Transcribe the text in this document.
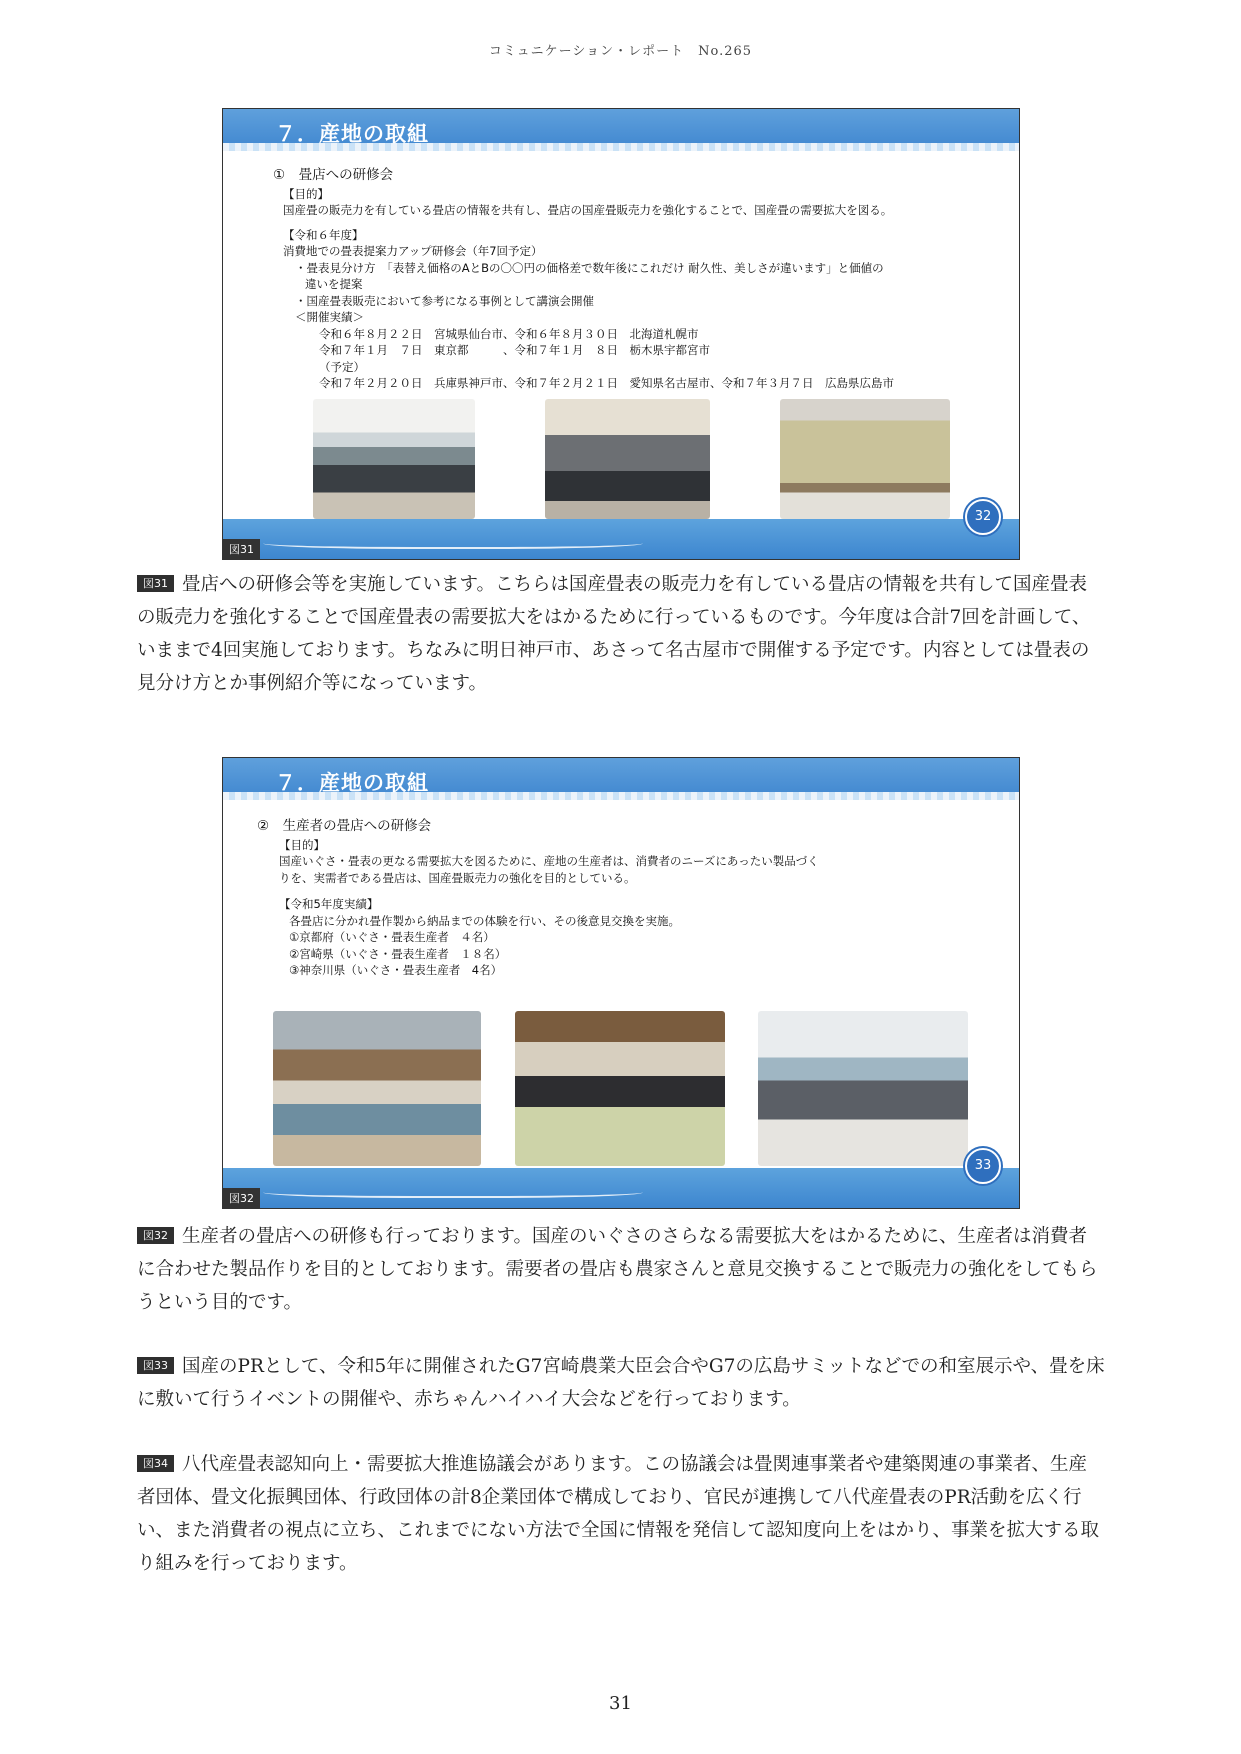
コミュニケーション・レポート　No.265
７．産地の取組
①　畳店への研修会
【目的】
国産畳の販売力を有している畳店の情報を共有し、畳店の国産畳販売力を強化することで、国産畳の需要拡大を図る。
【令和６年度】
消費地での畳表提案力アップ研修会（年7回予定）
・畳表見分け方　「表替え価格のAとBの〇〇円の価格差で数年後にこれだけ 耐久性、美しさが違います」と価値の
違いを提案
・国産畳表販売において参考になる事例として講演会開催
＜開催実績＞
令和６年８月２２日　宮城県仙台市、令和６年８月３０日　北海道札幌市
令和７年１月　７日　東京都　　　、令和７年１月　８日　栃木県宇都宮市
（予定）
令和７年２月２０日　兵庫県神戸市、令和７年２月２１日　愛知県名古屋市、令和７年３月７日　広島県広島市
32
図31
図31 畳店への研修会等を実施しています。こちらは国産畳表の販売力を有している畳店の情報を共有して国産畳表の販売力を強化することで国産畳表の需要拡大をはかるために行っているものです。今年度は合計7回を計画して、いままで4回実施しております。ちなみに明日神戸市、あさって名古屋市で開催する予定です。内容としては畳表の見分け方とか事例紹介等になっています。
７．産地の取組
②　生産者の畳店への研修会
【目的】
国産いぐさ・畳表の更なる需要拡大を図るために、産地の生産者は、消費者のニーズにあったい製品づく
りを、実需者である畳店は、国産畳販売力の強化を目的としている。
【令和5年度実績】
各畳店に分かれ畳作製から納品までの体験を行い、その後意見交換を実施。
①京都府（いぐさ・畳表生産者　４名）
②宮崎県（いぐさ・畳表生産者　１８名）
③神奈川県（いぐさ・畳表生産者　4名）
33
図32
図32 生産者の畳店への研修も行っております。国産のいぐさのさらなる需要拡大をはかるために、生産者は消費者に合わせた製品作りを目的としております。需要者の畳店も農家さんと意見交換することで販売力の強化をしてもらうという目的です。
図33 国産のPRとして、令和5年に開催されたG7宮崎農業大臣会合やG7の広島サミットなどでの和室展示や、畳を床に敷いて行うイベントの開催や、赤ちゃんハイハイ大会などを行っております。
図34 八代産畳表認知向上・需要拡大推進協議会があります。この協議会は畳関連事業者や建築関連の事業者、生産者団体、畳文化振興団体、行政団体の計8企業団体で構成しており、官民が連携して八代産畳表のPR活動を広く行い、また消費者の視点に立ち、これまでにない方法で全国に情報を発信して認知度向上をはかり、事業を拡大する取り組みを行っております。
31
